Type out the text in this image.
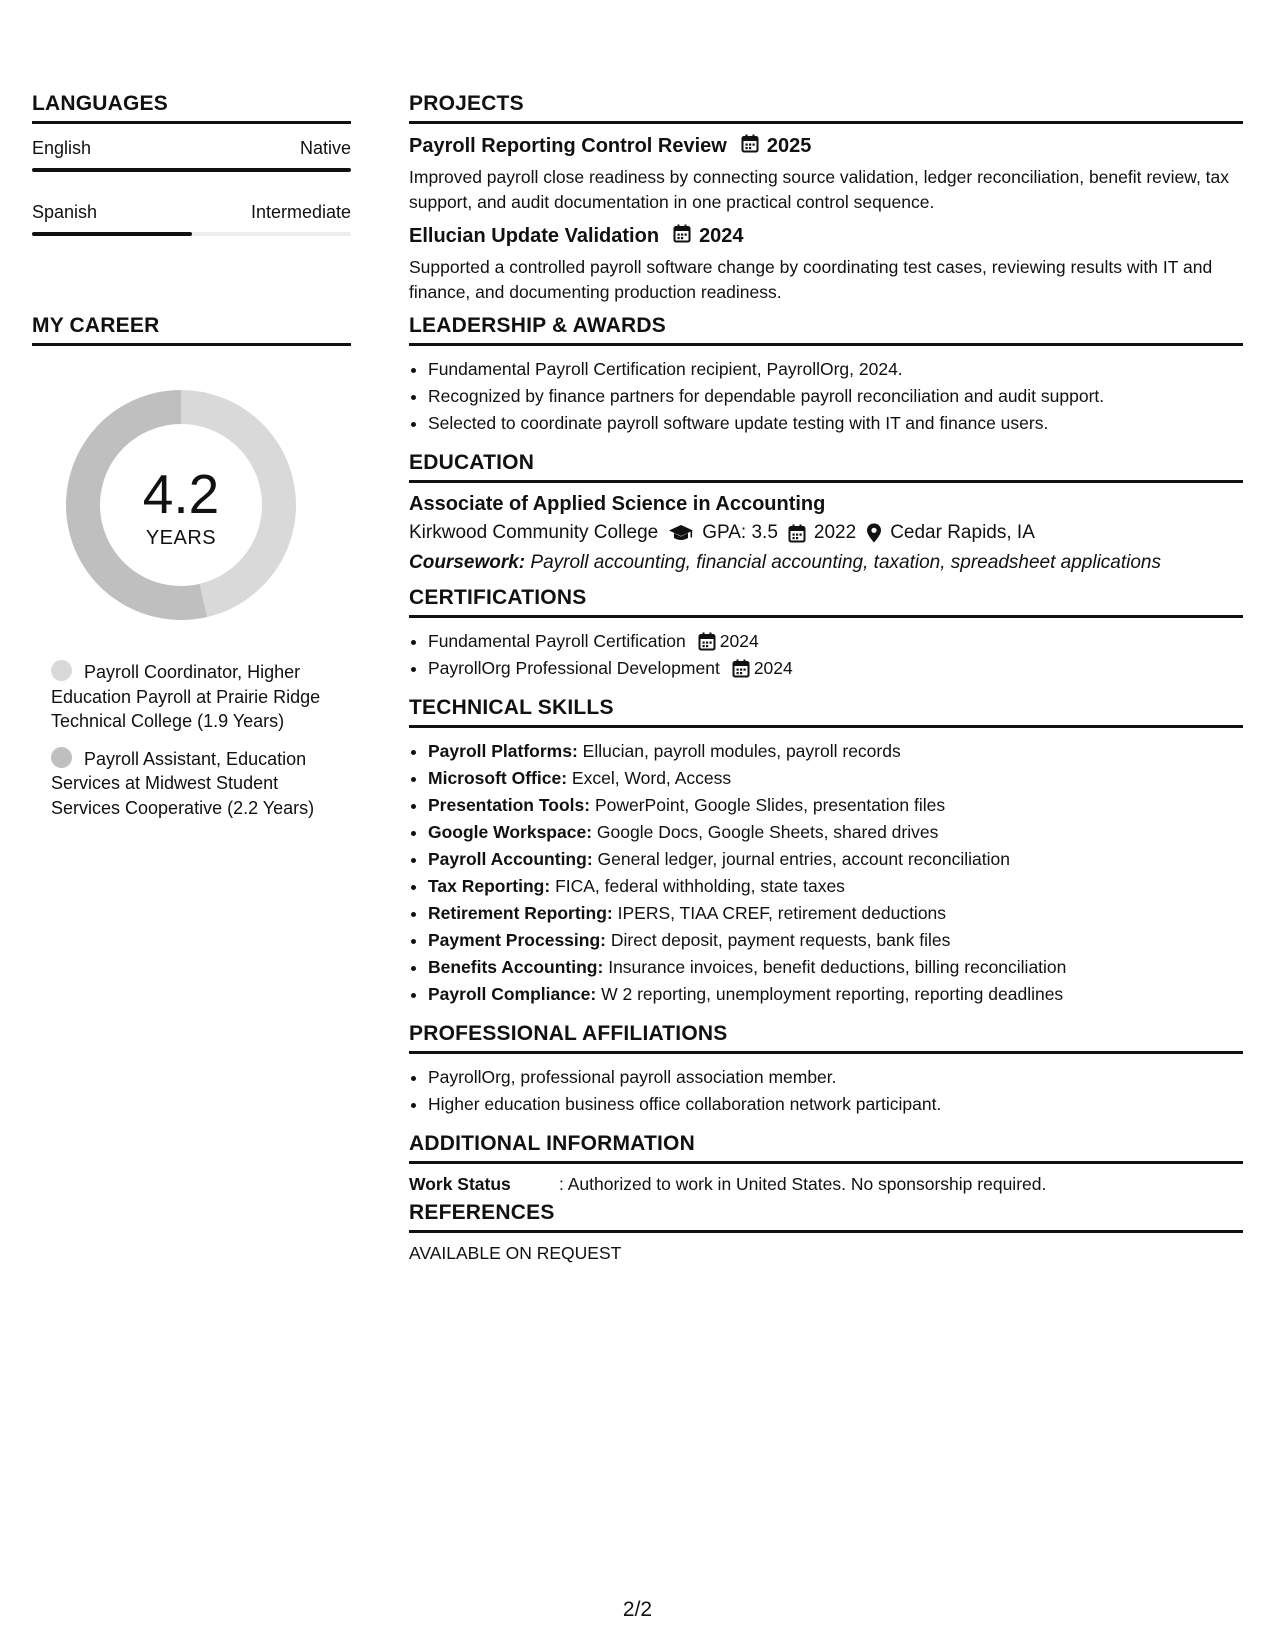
LANGUAGES
English	Native
Spanish	Intermediate
MY CAREER
4.2
YEARS
Payroll Coordinator, Higher Education Payroll at Prairie Ridge Technical College (1.9 Years)
Payroll Assistant, Education Services at Midwest Student Services Cooperative (2.2 Years)
PROJECTS
Payroll Reporting Control Review 2025
Improved payroll close readiness by connecting source validation, ledger reconciliation, benefit review, tax support, and audit documentation in one practical control sequence.
Ellucian Update Validation 2024
Supported a controlled payroll software change by coordinating test cases, reviewing results with IT and finance, and documenting production readiness.
LEADERSHIP & AWARDS
• Fundamental Payroll Certification recipient, PayrollOrg, 2024.
• Recognized by finance partners for dependable payroll reconciliation and audit support.
• Selected to coordinate payroll software update testing with IT and finance users.
EDUCATION
Associate of Applied Science in Accounting
Kirkwood Community College GPA: 3.5 2022 Cedar Rapids, IA
Coursework: Payroll accounting, financial accounting, taxation, spreadsheet applications
CERTIFICATIONS
• Fundamental Payroll Certification 2024
• PayrollOrg Professional Development 2024
TECHNICAL SKILLS
• Payroll Platforms: Ellucian, payroll modules, payroll records
• Microsoft Office: Excel, Word, Access
• Presentation Tools: PowerPoint, Google Slides, presentation files
• Google Workspace: Google Docs, Google Sheets, shared drives
• Payroll Accounting: General ledger, journal entries, account reconciliation
• Tax Reporting: FICA, federal withholding, state taxes
• Retirement Reporting: IPERS, TIAA CREF, retirement deductions
• Payment Processing: Direct deposit, payment requests, bank files
• Benefits Accounting: Insurance invoices, benefit deductions, billing reconciliation
• Payroll Compliance: W 2 reporting, unemployment reporting, reporting deadlines
PROFESSIONAL AFFILIATIONS
• PayrollOrg, professional payroll association member.
• Higher education business office collaboration network participant.
ADDITIONAL INFORMATION
Work Status	: Authorized to work in United States. No sponsorship required.
REFERENCES
AVAILABLE ON REQUEST
2/2
